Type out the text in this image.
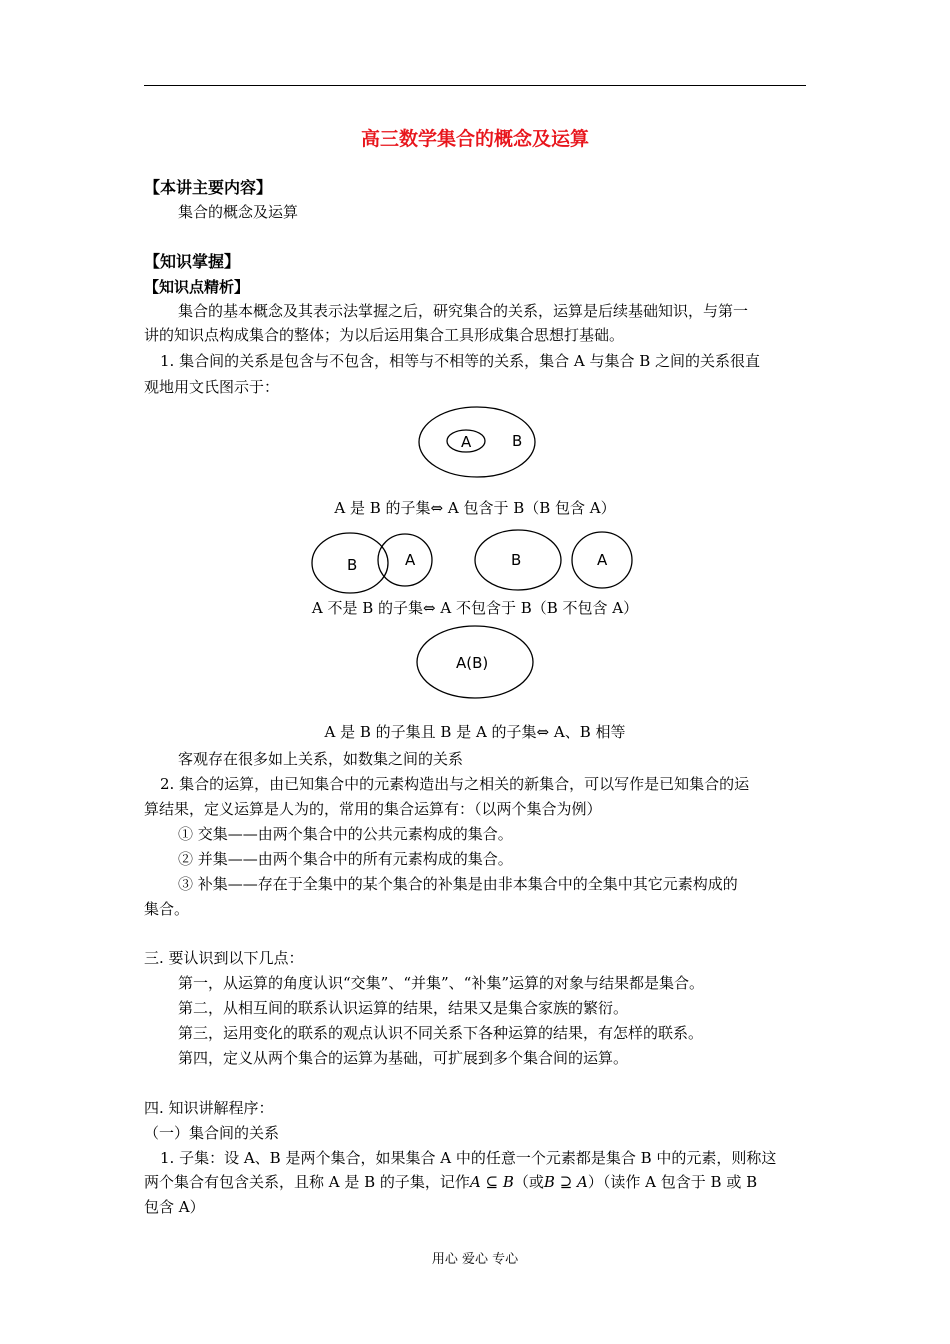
高三数学集合的概念及运算
【本讲主要内容】
集合的概念及运算
【知识掌握】
【知识点精析】
集合的基本概念及其表示法掌握之后，研究集合的关系，运算是后续基础知识，与第一
讲的知识点构成集合的整体；为以后运用集合工具形成集合思想打基础。
1. 集合间的关系是包含与不包含，相等与不相等的关系，集合 A 与集合 B 之间的关系很直
观地用文氏图示于：
A	B
A 是 B 的子集⇔ A 包含于 B（B 包含 A）
B	A	B	A
A 不是 B 的子集⇔ A 不包含于 B（B 不包含 A）
A(B)
A 是 B 的子集且 B 是 A 的子集⇔ A、B 相等
客观存在很多如上关系，如数集之间的关系
2. 集合的运算，由已知集合中的元素构造出与之相关的新集合，可以写作是已知集合的运
算结果，定义运算是人为的，常用的集合运算有：（以两个集合为例）
① 交集——由两个集合中的公共元素构成的集合。
② 并集——由两个集合中的所有元素构成的集合。
③ 补集——存在于全集中的某个集合的补集是由非本集合中的全集中其它元素构成的
集合。
三. 要认识到以下几点：
第一，从运算的角度认识“交集”、“并集”、“补集”运算的对象与结果都是集合。
第二，从相互间的联系认识运算的结果，结果又是集合家族的繁衍。
第三，运用变化的联系的观点认识不同关系下各种运算的结果，有怎样的联系。
第四，定义从两个集合的运算为基础，可扩展到多个集合间的运算。
四. 知识讲解程序：
（一）集合间的关系
1. 子集：设 A、B 是两个集合，如果集合 A 中的任意一个元素都是集合 B 中的元素，则称这
两个集合有包含关系，且称 A 是 B 的子集，记作A ⊆ B（或B ⊇ A）（读作 A 包含于 B 或 B
包含 A）
用心 爱心 专心
